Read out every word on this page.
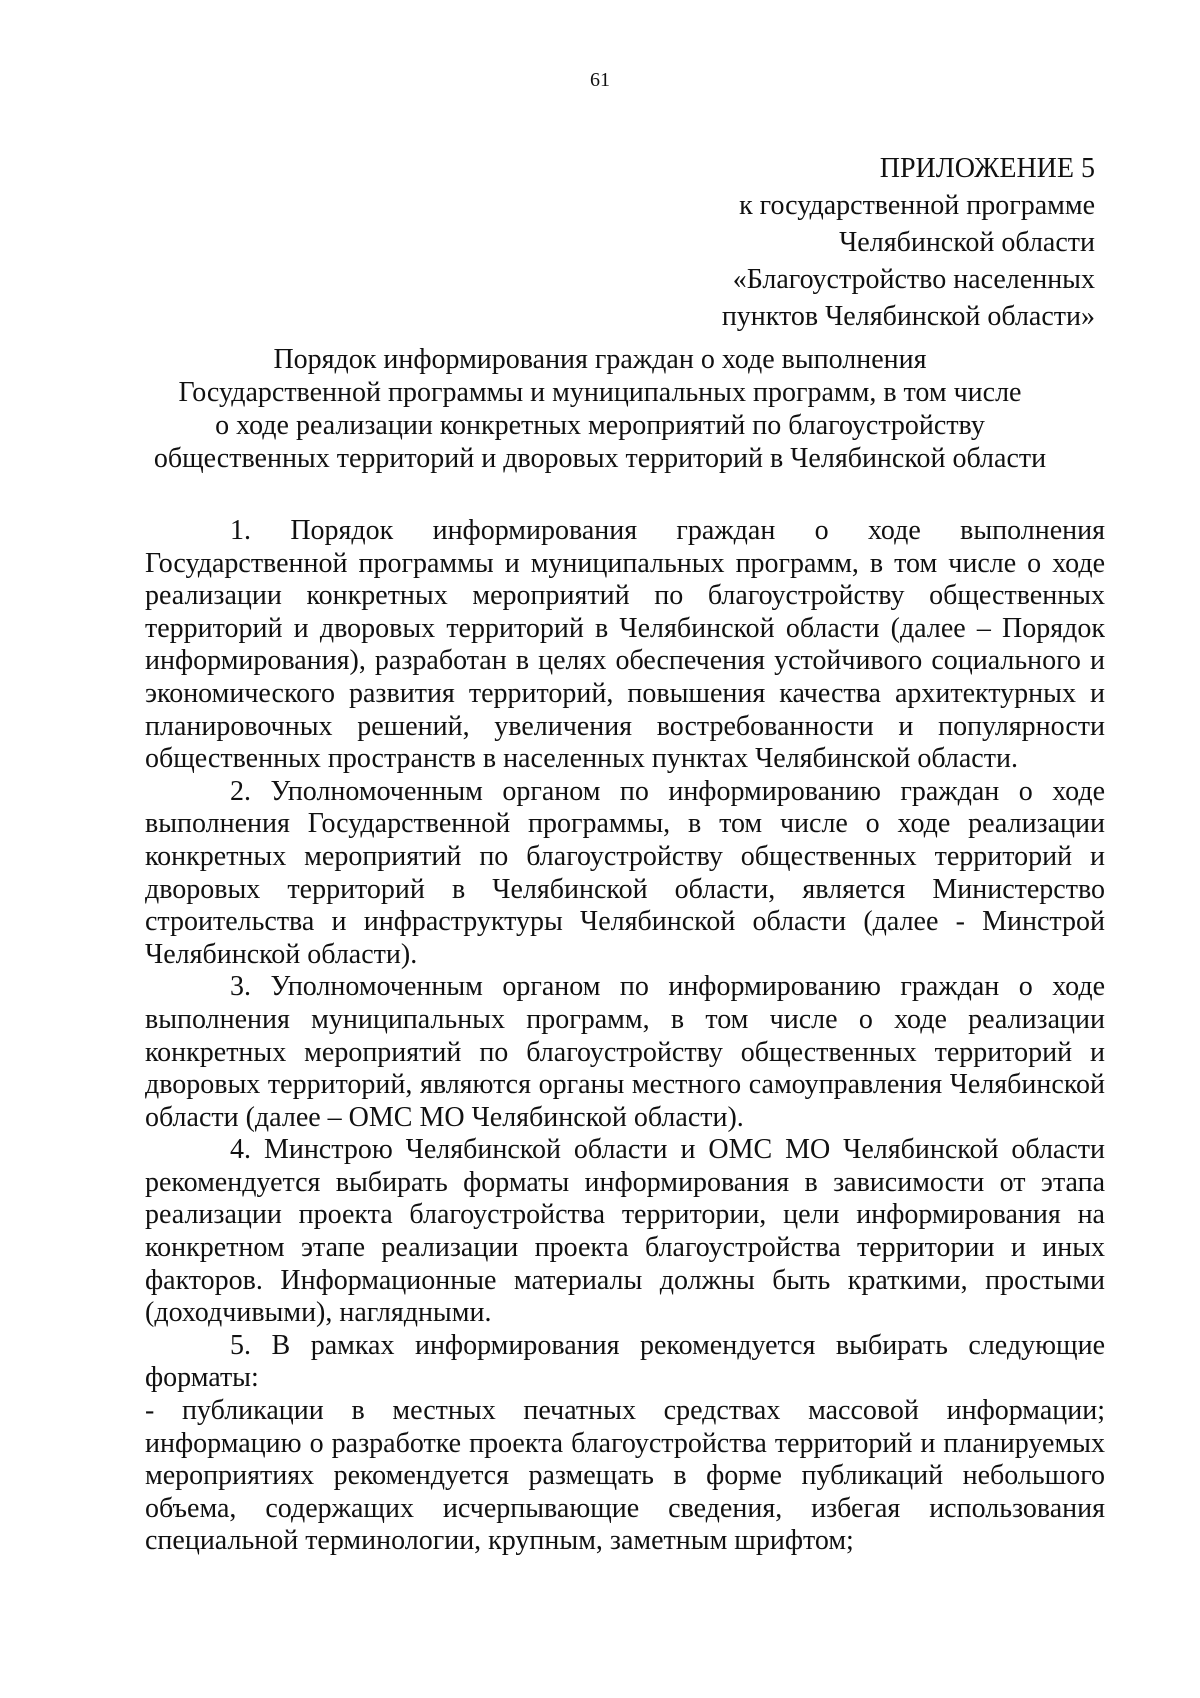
61
ПРИЛОЖЕНИЕ 5
к государственной программе
Челябинской области
«Благоустройство населенных
пунктов Челябинской области»
Порядок информирования граждан о ходе выполнения
Государственной программы и муниципальных программ, в том числе
о ходе реализации конкретных мероприятий по благоустройству
общественных территорий и дворовых территорий в Челябинской области

1. Порядок информирования граждан о ходе выполнения Государственной программы и муниципальных программ, в том числе о ходе реализации конкретных мероприятий по благоустройству общественных территорий и дворовых территорий в Челябинской области (далее – Порядок информирования), разработан в целях обеспечения устойчивого социального и экономического развития территорий, повышения качества архитектурных и планировочных решений, увеличения востребованности и популярности общественных пространств в населенных пунктах Челябинской области.

2. Уполномоченным органом по информированию граждан о ходе выполнения Государственной программы, в том числе о ходе реализации конкретных мероприятий по благоустройству общественных территорий и дворовых территорий в Челябинской области, является Министерство строительства и инфраструктуры Челябинской области (далее - Минстрой Челябинской области).

3. Уполномоченным органом по информированию граждан о ходе выполнения муниципальных программ, в том числе о ходе реализации конкретных мероприятий по благоустройству общественных территорий и дворовых территорий, являются органы местного самоуправления Челябинской области (далее – ОМС МО Челябинской области).

4. Минстрою Челябинской области и ОМС МО Челябинской области рекомендуется выбирать форматы информирования в зависимости от этапа реализации проекта благоустройства территории, цели информирования на конкретном этапе реализации проекта благоустройства территории и иных факторов. Информационные материалы должны быть краткими, простыми (доходчивыми), наглядными.

5. В рамках информирования рекомендуется выбирать следующие форматы:

- публикации в местных печатных средствах массовой информации; информацию о разработке проекта благоустройства территорий и планируемых мероприятиях рекомендуется размещать в форме публикаций небольшого объема, содержащих исчерпывающие сведения, избегая использования специальной терминологии, крупным, заметным шрифтом;
